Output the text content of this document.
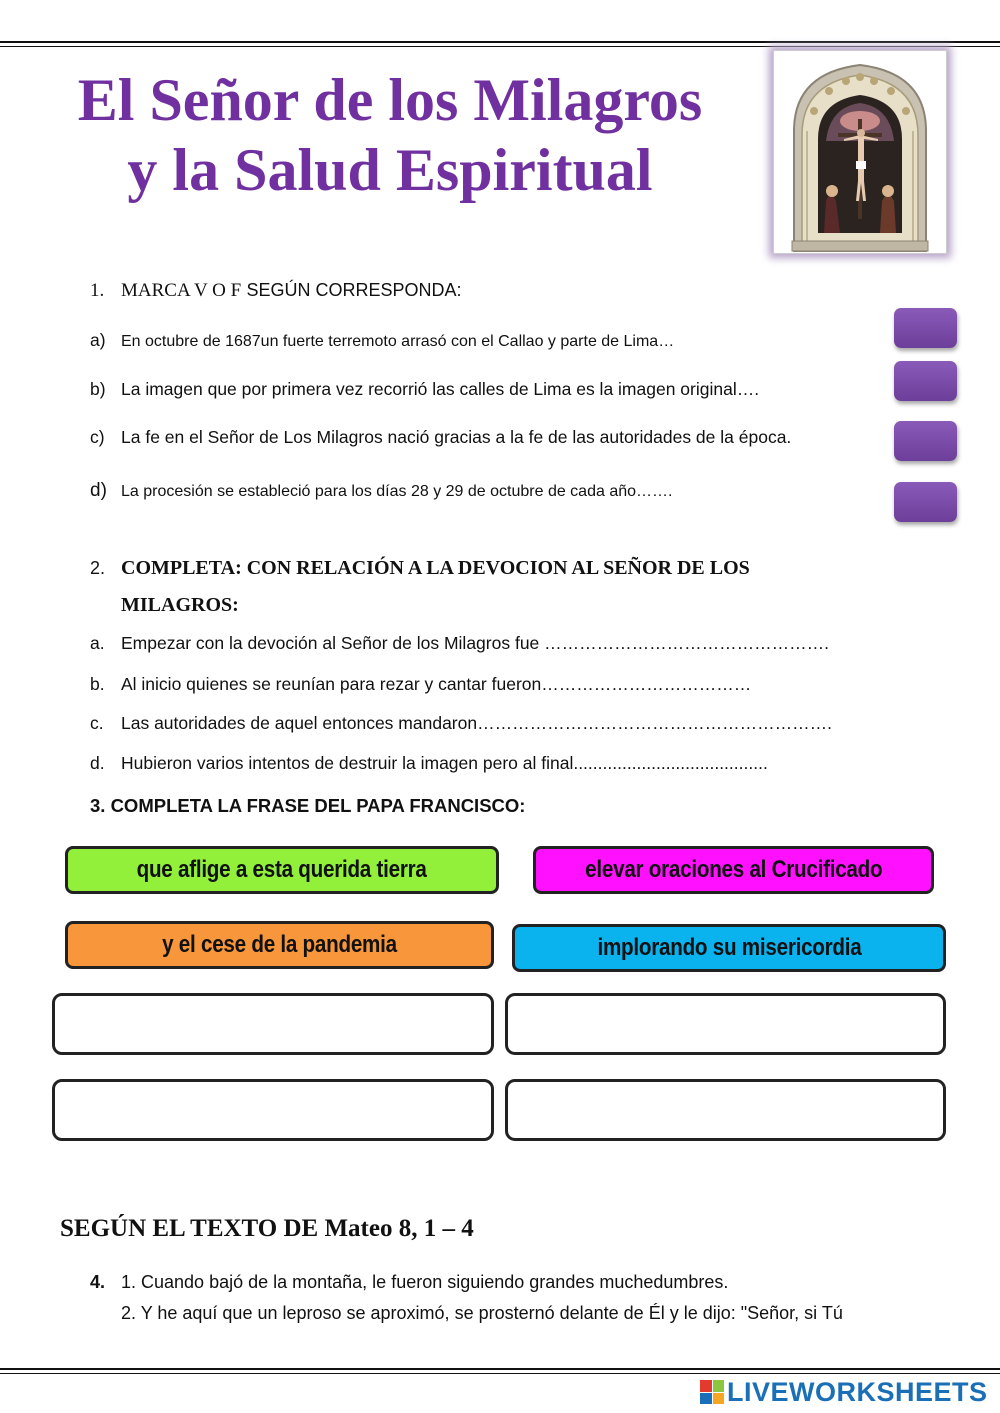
El Señor de los Milagros
y la Salud Espiritual
1. MARCA V O F SEGÚN CORRESPONDA:
a) En octubre de 1687un fuerte terremoto arrasó con el Callao y parte de Lima…
b) La imagen que por primera vez recorrió las calles de Lima es la imagen original….
c) La fe en el Señor de Los Milagros nació gracias a la fe de las autoridades de la época.
d) La procesión se estableció para los días 28 y 29 de octubre de cada año…….
2. COMPLETA: CON RELACIÓN A LA DEVOCION AL SEÑOR DE LOS
MILAGROS:
a. Empezar con la devoción al Señor de los Milagros fue ………………………………………….
b. Al inicio quienes se reunían para rezar y cantar fueron………………………………
c. Las autoridades de aquel entonces mandaron…………………………………………………….
d. Hubieron varios intentos de destruir la imagen pero al final........................................
3. COMPLETA LA FRASE DEL PAPA FRANCISCO:
que aflige a esta querida tierra	elevar oraciones al Crucificado
y el cese de la pandemia	implorando su misericordia
SEGÚN EL TEXTO DE Mateo 8, 1 – 4
4. 1. Cuando bajó de la montaña, le fueron siguiendo grandes muchedumbres.
2. Y he aquí que un leproso se aproximó, se prosternó delante de Él y le dijo: "Señor, si Tú
LIVEWORKSHEETS
